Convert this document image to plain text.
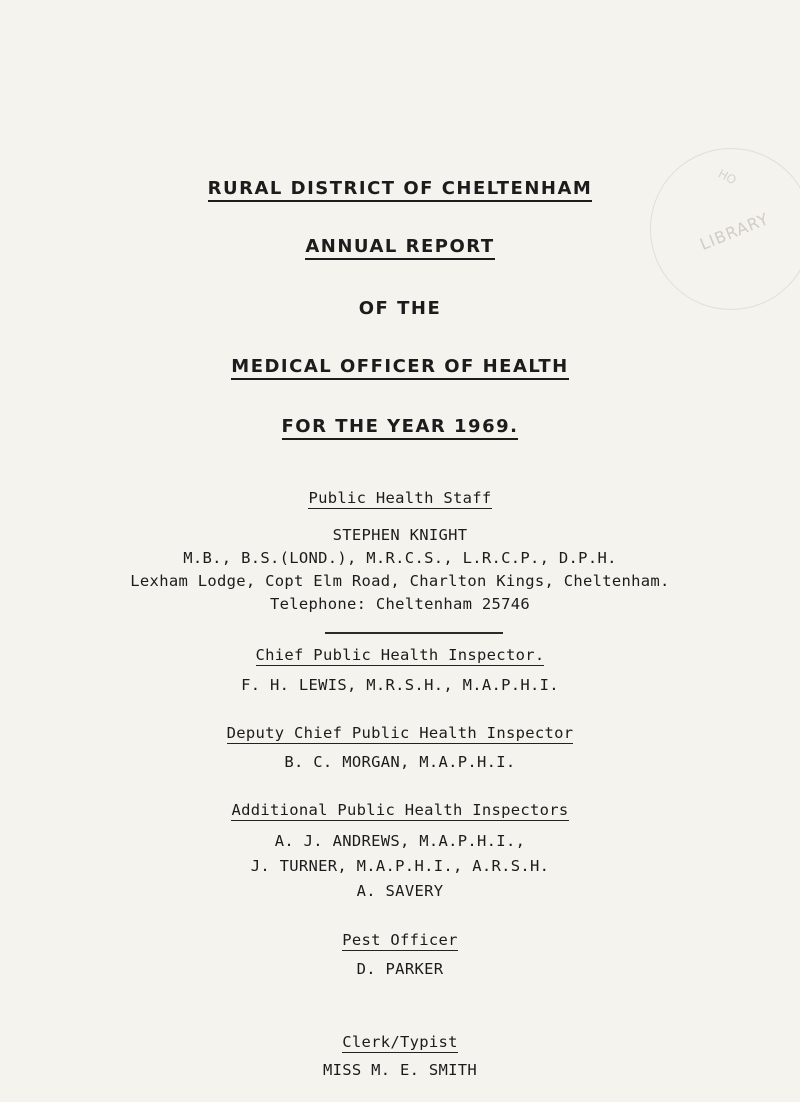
LIBRARY
HO
RURAL DISTRICT OF CHELTENHAM
ANNUAL REPORT
OF THE
MEDICAL OFFICER OF HEALTH
FOR THE YEAR 1969.
Public Health Staff
STEPHEN KNIGHT
M.B., B.S.(LOND.), M.R.C.S., L.R.C.P., D.P.H.
Lexham Lodge, Copt Elm Road, Charlton Kings, Cheltenham.
Telephone: Cheltenham 25746
Chief Public Health Inspector.
F. H. LEWIS, M.R.S.H., M.A.P.H.I.
Deputy Chief Public Health Inspector
B. C. MORGAN, M.A.P.H.I.
Additional Public Health Inspectors
A. J. ANDREWS, M.A.P.H.I.,
J. TURNER, M.A.P.H.I., A.R.S.H.
A. SAVERY
Pest Officer
D. PARKER
Clerk/Typist
MISS M. E. SMITH
